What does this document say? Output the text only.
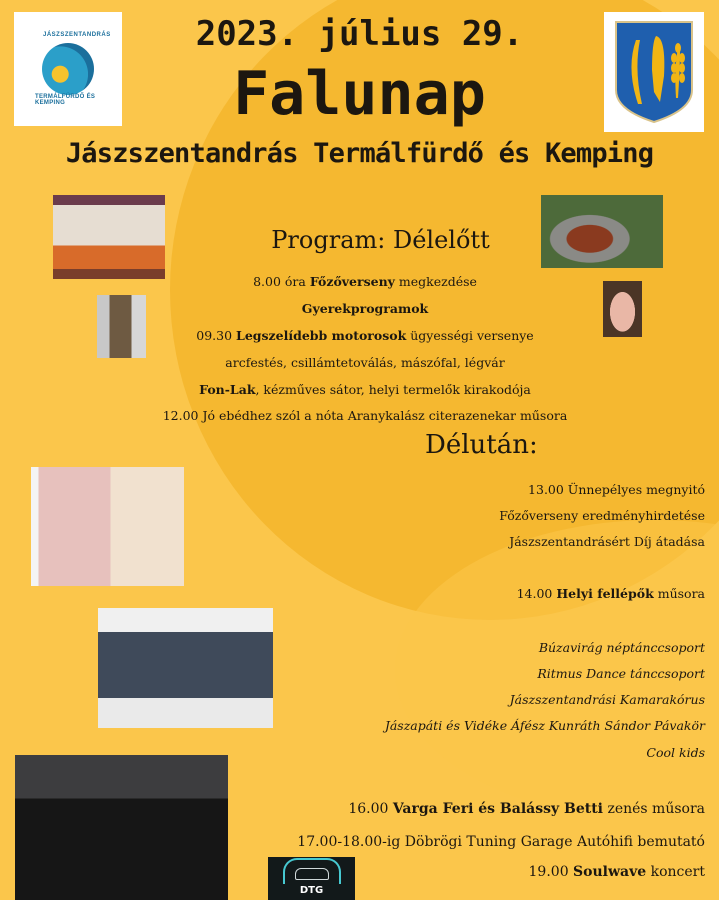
JÁSZSZENTANDRÁS
TERMÁLFÜRDŐ ÉS KEMPING
2023. július 29.
Falunap
Jászszentandrás Termálfürdő és Kemping
DTG
Program: Délelőtt
8.00 óra Főzőverseny megkezdése
Gyerekprogramok
09.30 Legszelídebb motorosok ügyességi versenye
arcfestés, csillámtetoválás, mászófal, légvár
Fon-Lak, kézműves sátor, helyi termelők kirakodója
12.00 Jó ebédhez szól a nóta Aranykalász citerazenekar műsora
Délután:
13.00 Ünnepélyes megnyitó
Főzőverseny eredményhirdetése
Jászszentandrásért Díj átadása
14.00 Helyi fellépők műsora
Búzavirág néptánccsoport
Ritmus Dance tánccsoport
Jászszentandrási Kamarakórus
Jászapáti és Vidéke Áfész Kunráth Sándor Pávakör
Cool kids
16.00 Varga Feri és Balássy Betti zenés műsora
17.00-18.00-ig Döbrögi Tuning Garage Autóhifi bemutató
19.00 Soulwave koncert
